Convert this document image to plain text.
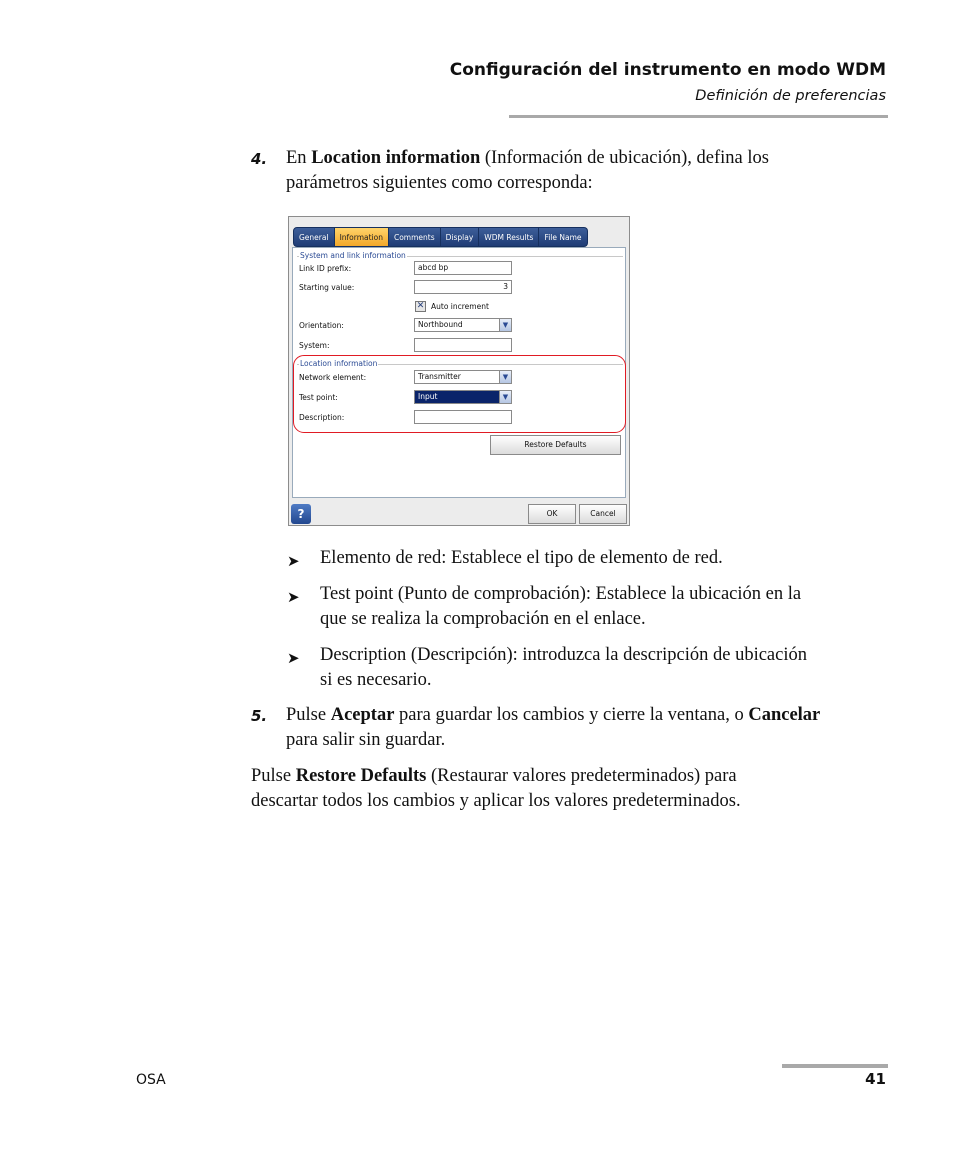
Configuración del instrumento en modo WDM
Definición de preferencias
4. En Location information (Información de ubicación), defina los
parámetros siguientes como corresponda:
General	Information	Comments	Display	WDM Results	File Name
System and link information
Link ID prefix:	abcd bp
Starting value:	3
✕ Auto increment
Orientation:	Northbound	▼
System:
Location information
Network element:	Transmitter	▼
Test point:	Input	▼
Description:
Restore Defaults
?	OK	Cancel
➤ Elemento de red: Establece el tipo de elemento de red.
➤ Test point (Punto de comprobación): Establece la ubicación en la
que se realiza la comprobación en el enlace.
➤ Description (Descripción): introduzca la descripción de ubicación
si es necesario.
5. Pulse Aceptar para guardar los cambios y cierre la ventana, o Cancelar
para salir sin guardar.
Pulse Restore Defaults (Restaurar valores predeterminados) para
descartar todos los cambios y aplicar los valores predeterminados.
OSA	41
